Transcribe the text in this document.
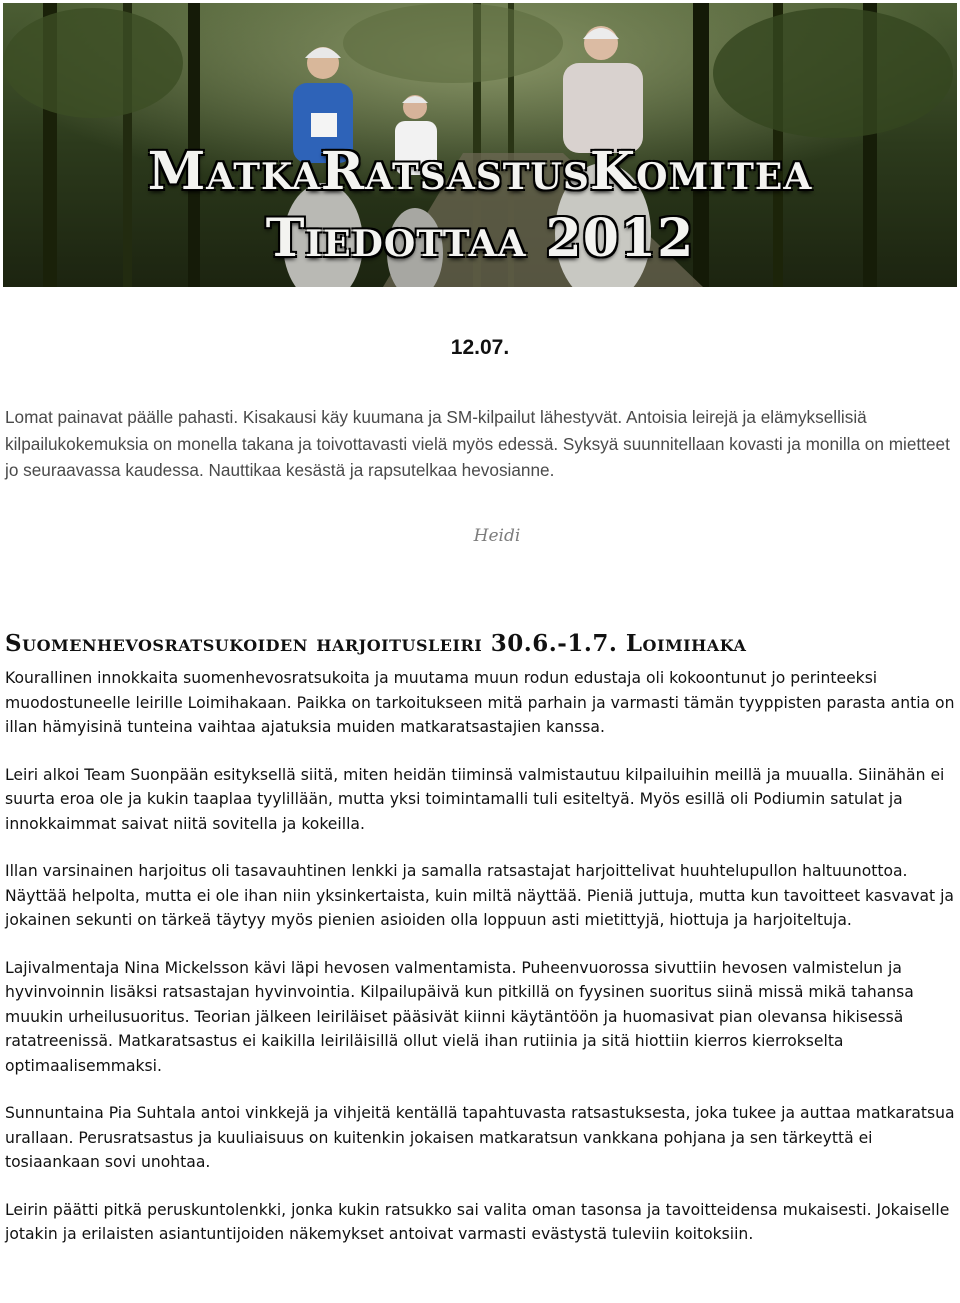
MatkaRatsastusKomitea
Tiedottaa 2012
12.07.

Lomat painavat päälle pahasti. Kisakausi käy kuumana ja SM-kilpailut lähestyvät. Antoisia leirejä ja elämyksellisiä kilpailukokemuksia on monella takana ja toivottavasti vielä myös edessä. Syksyä suunnitellaan kovasti ja monilla on mietteet jo seuraavassa kaudessa. Nauttikaa kesästä ja rapsutelkaa hevosianne.

Heidi
Suomenhevosratsukoiden harjoitusleiri 30.6.-1.7. Loimihaka

Kourallinen innokkaita suomenhevosratsukoita ja muutama muun rodun edustaja oli kokoontunut jo perinteeksi muodostuneelle leirille Loimihakaan. Paikka on tarkoitukseen mitä parhain ja varmasti tämän tyyppisten parasta antia on illan hämyisinä tunteina vaihtaa ajatuksia muiden matkaratsastajien kanssa.

Leiri alkoi Team Suonpään esityksellä siitä, miten heidän tiiminsä valmistautuu kilpailuihin meillä ja muualla. Siinähän ei suurta eroa ole ja kukin taaplaa tyylillään, mutta yksi toimintamalli tuli esiteltyä. Myös esillä oli Podiumin satulat ja innokkaimmat saivat niitä sovitella ja kokeilla.

Illan varsinainen harjoitus oli tasavauhtinen lenkki ja samalla ratsastajat harjoittelivat huuhtelupullon haltuunottoa. Näyttää helpolta, mutta ei ole ihan niin yksinkertaista, kuin miltä näyttää. Pieniä juttuja, mutta kun tavoitteet kasvavat ja jokainen sekunti on tärkeä täytyy myös pienien asioiden olla loppuun asti mietittyjä, hiottuja ja harjoiteltuja.

Lajivalmentaja Nina Mickelsson kävi läpi hevosen valmentamista. Puheenvuorossa sivuttiin hevosen valmistelun ja hyvinvoinnin lisäksi ratsastajan hyvinvointia. Kilpailupäivä kun pitkillä on fyysinen suoritus siinä missä mikä tahansa muukin urheilusuoritus. Teorian jälkeen leiriläiset pääsivät kiinni käytäntöön ja huomasivat pian olevansa hikisessä ratatreenissä. Matkaratsastus ei kaikilla leiriläisillä ollut vielä ihan rutiinia ja sitä hiottiin kierros kierrokselta optimaalisemmaksi.

Sunnuntaina Pia Suhtala antoi vinkkejä ja vihjeitä kentällä tapahtuvasta ratsastuksesta, joka tukee ja auttaa matkaratsua urallaan. Perusratsastus ja kuuliaisuus on kuitenkin jokaisen matkaratsun vankkana pohjana ja sen tärkeyttä ei tosiaankaan sovi unohtaa.

Leirin päätti pitkä peruskuntolenkki, jonka kukin ratsukko sai valita oman tasonsa ja tavoitteidensa mukaisesti. Jokaiselle jotakin ja erilaisten asiantuntijoiden näkemykset antoivat varmasti evästystä tuleviin koitoksiin.
